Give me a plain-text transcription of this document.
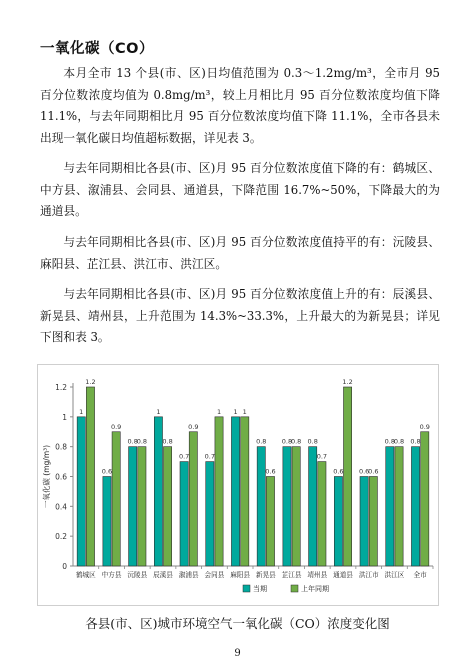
一氧化碳（CO）

本月全市 13 个县(市、区)日均值范围为 0.3～1.2mg/m³，全市月 95 百分位数浓度均值为 0.8mg/m³，较上月相比月 95 百分位数浓度均值下降 11.1%，与去年同期相比月 95 百分位数浓度均值下降 11.1%，全市各县未出现一氧化碳日均值超标数据，详见表 3。

与去年同期相比各县(市、区)月 95 百分位数浓度值下降的有：鹤城区、中方县、溆浦县、会同县、通道县，下降范围 16.7%~50%，下降最大的为通道县。

与去年同期相比各县(市、区)月 95 百分位数浓度值持平的有：沅陵县、麻阳县、芷江县、洪江市、洪江区。

与去年同期相比各县(市、区)月 95 百分位数浓度值上升的有：辰溪县、新晃县、靖州县，上升范围为 14.3%~33.3%，上升最大的为新晃县；详见下图和表 3。

0
0.2
0.4
0.6
0.8
1
1.2
一氧化碳 (mg/m³)
1
1.2
鹤城区
0.6
0.9
中方县
0.8
0.8
沅陵县
1
0.8
辰溪县
0.7
0.9
溆浦县
0.7
1
会同县
1 1
麻阳县
0.8
0.6
新晃县
0.8
0.8
芷江县
0.8
0.7
靖州县
0.6
1.2
通道县
0.6
0.6
洪江市
0.8
0.8
洪江区
0.8
0.9
全市
当期	上年同期
各县(市、区)城市环境空气一氧化碳（CO）浓度变化图
9
